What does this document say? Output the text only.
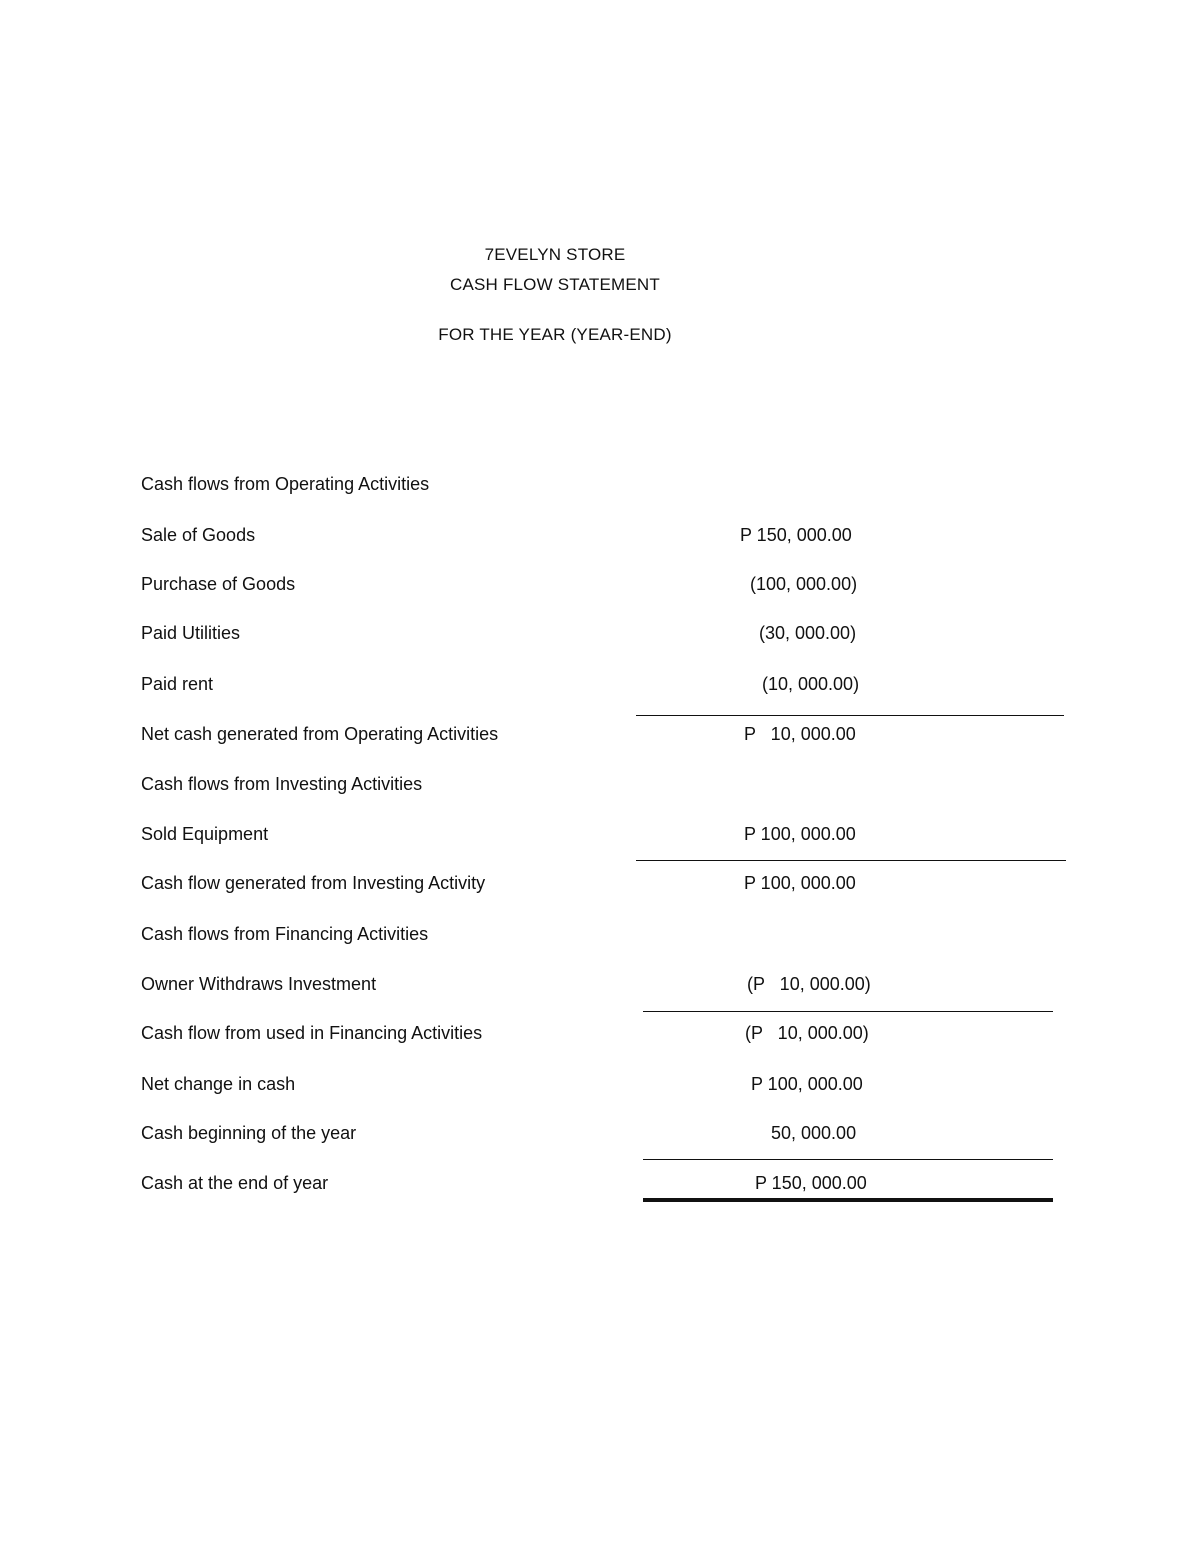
7EVELYN STORE
CASH FLOW STATEMENT
FOR THE YEAR (YEAR-END)
Cash flows from Operating Activities
Sale of Goods	P 150, 000.00
Purchase of Goods	(100, 000.00)
Paid Utilities	(30, 000.00)
Paid rent	(10, 000.00)
Net cash generated from Operating Activities	P   10, 000.00
Cash flows from Investing Activities
Sold Equipment	P 100, 000.00
Cash flow generated from Investing Activity	P 100, 000.00
Cash flows from Financing Activities
Owner Withdraws Investment	(P   10, 000.00)
Cash flow from used in Financing Activities	(P   10, 000.00)
Net change in cash	P 100, 000.00
Cash beginning of the year	50, 000.00
Cash at the end of year	P 150, 000.00
